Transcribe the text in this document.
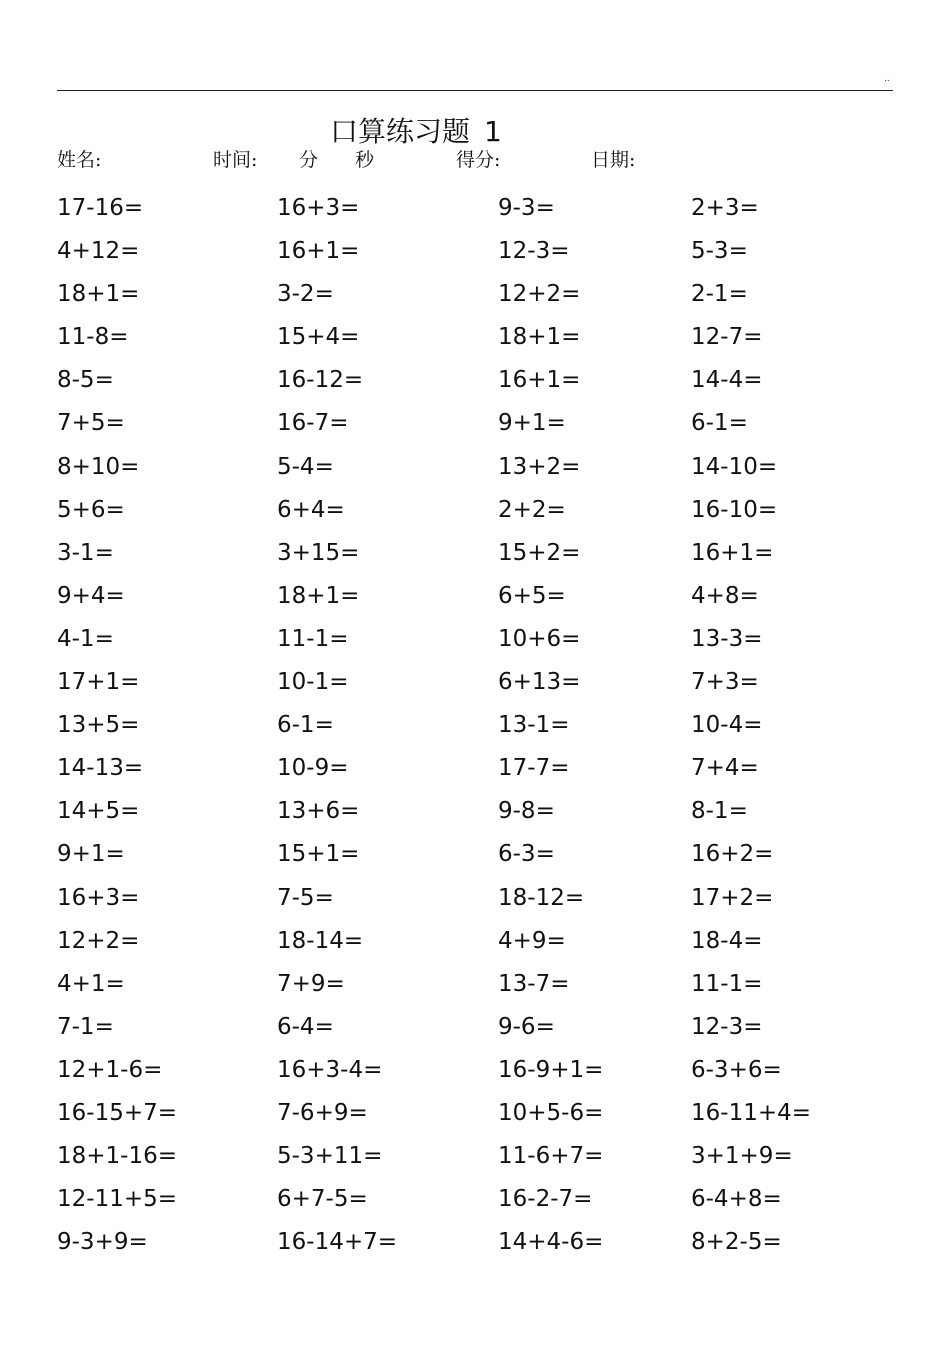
..
口算练习题 1
姓名:	时间: 分 秒	得分:	日期:
17-16=	16+3=	9-3=	2+3=
4+12=	16+1=	12-3=	5-3=
18+1=	3-2=	12+2=	2-1=
11-8=	15+4=	18+1=	12-7=
8-5=	16-12=	16+1=	14-4=
7+5=	16-7=	9+1=	6-1=
8+10=	5-4=	13+2=	14-10=
5+6=	6+4=	2+2=	16-10=
3-1=	3+15=	15+2=	16+1=
9+4=	18+1=	6+5=	4+8=
4-1=	11-1=	10+6=	13-3=
17+1=	10-1=	6+13=	7+3=
13+5=	6-1=	13-1=	10-4=
14-13=	10-9=	17-7=	7+4=
14+5=	13+6=	9-8=	8-1=
9+1=	15+1=	6-3=	16+2=
16+3=	7-5=	18-12=	17+2=
12+2=	18-14=	4+9=	18-4=
4+1=	7+9=	13-7=	11-1=
7-1=	6-4=	9-6=	12-3=
12+1-6=	16+3-4=	16-9+1=	6-3+6=
16-15+7=	7-6+9=	10+5-6=	16-11+4=
18+1-16=	5-3+11=	11-6+7=	3+1+9=
12-11+5=	6+7-5=	16-2-7=	6-4+8=
9-3+9=	16-14+7=	14+4-6=	8+2-5=
